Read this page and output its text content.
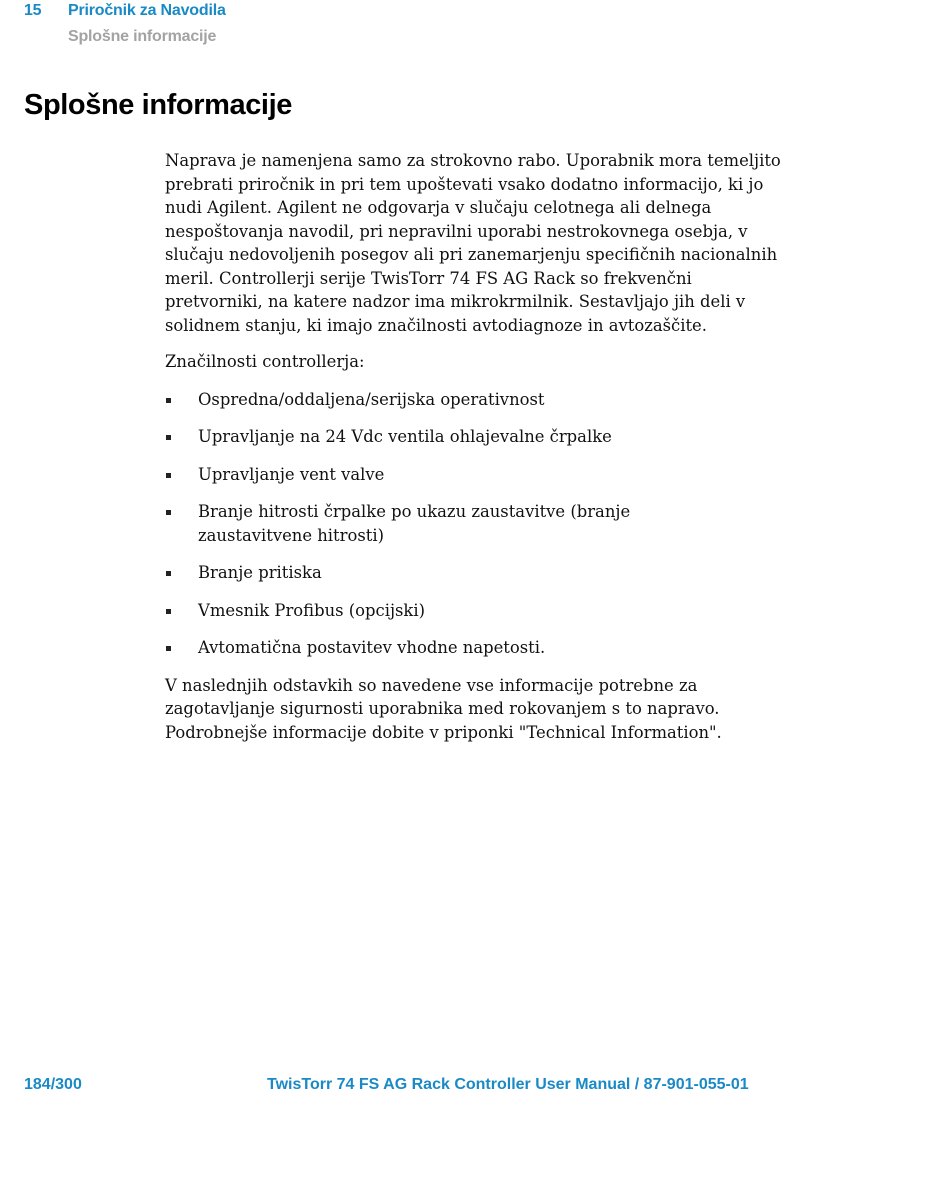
15 Priročnik za Navodila
Splošne informacije
Splošne informacije

Naprava je namenjena samo za strokovno rabo. Uporabnik mora temeljito prebrati priročnik in pri tem upoštevati vsako dodatno informacijo, ki jo nudi Agilent. Agilent ne odgovarja v slučaju celotnega ali delnega nespoštovanja navodil, pri nepravilni uporabi nestrokovnega osebja, v slučaju nedovoljenih posegov ali pri zanemarjenju specifičnih nacionalnih meril. Controllerji serije TwisTorr 74 FS AG Rack so frekvenčni pretvorniki, na katere nadzor ima mikrokrmilnik. Sestavljajo jih deli v solidnem stanju, ki imajo značilnosti avtodiagnoze in avtozaščite.

Značilnosti controllerja:

Ospredna/oddaljena/serijska operativnost
Upravljanje na 24 Vdc ventila ohlajevalne črpalke
Upravljanje vent valve
Branje hitrosti črpalke po ukazu zaustavitve (branje zaustavitvene hitrosti)
Branje pritiska
Vmesnik Profibus (opcijski)
Avtomatična postavitev vhodne napetosti.

V naslednjih odstavkih so navedene vse informacije potrebne za zagotavljanje sigurnosti uporabnika med rokovanjem s to napravo. Podrobnejše informacije dobite v priponki "Technical Information".

184/300	TwisTorr 74 FS AG Rack Controller User Manual / 87-901-055-01
